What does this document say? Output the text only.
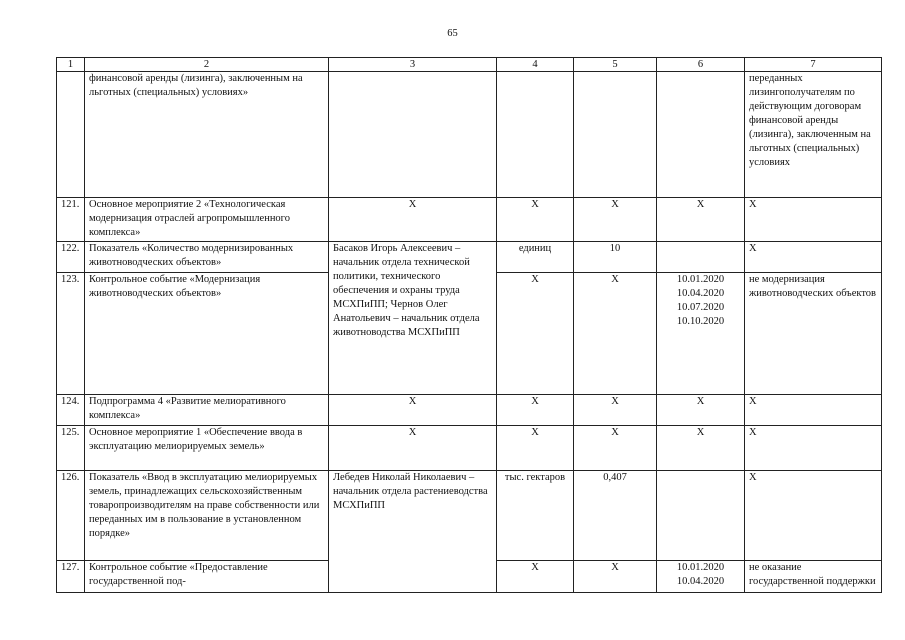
65
1	2	3	4	5	6	7
	финансовой аренды (лизинга), заключенным на льготных (специальных) условиях»					переданных лизингополучателям по действующим договорам финансовой аренды (лизинга), заключенным на льготных (специальных) условиях
121.	Основное мероприятие 2 «Технологическая модернизация отраслей агропромышленного комплекса»	Х	Х	Х	Х	Х
122.	Показатель «Количество модернизированных животноводческих объектов»	Басаков Игорь Алексеевич – начальник отдела технической политики, технического обеспечения и охраны труда МСХПиПП; Чернов Олег Анатольевич – начальник отдела животноводства МСХПиПП	единиц	10		Х
123.	Контрольное событие «Модернизация животноводческих объектов»		Х	Х	10.01.2020
10.04.2020
10.07.2020
10.10.2020	не модернизация животноводческих объектов
124.	Подпрограмма 4 «Развитие мелиоративного комплекса»	Х	Х	Х	Х	Х
125.	Основное мероприятие 1 «Обеспечение ввода в эксплуатацию мелиорируемых земель»	Х	Х	Х	Х	Х
126.	Показатель «Ввод в эксплуатацию мелиорируемых земель, принадлежащих сельскохозяйственным товаропроизводителям на праве собственности или переданных им в пользование в установленном порядке»	Лебедев Николай Николаевич – начальник отдела растениеводства МСХПиПП	тыс. гектаров	0,407		Х
127.	Контрольное событие «Предоставление государственной под-		Х	Х	10.01.2020
10.04.2020	не оказание государственной поддержки
